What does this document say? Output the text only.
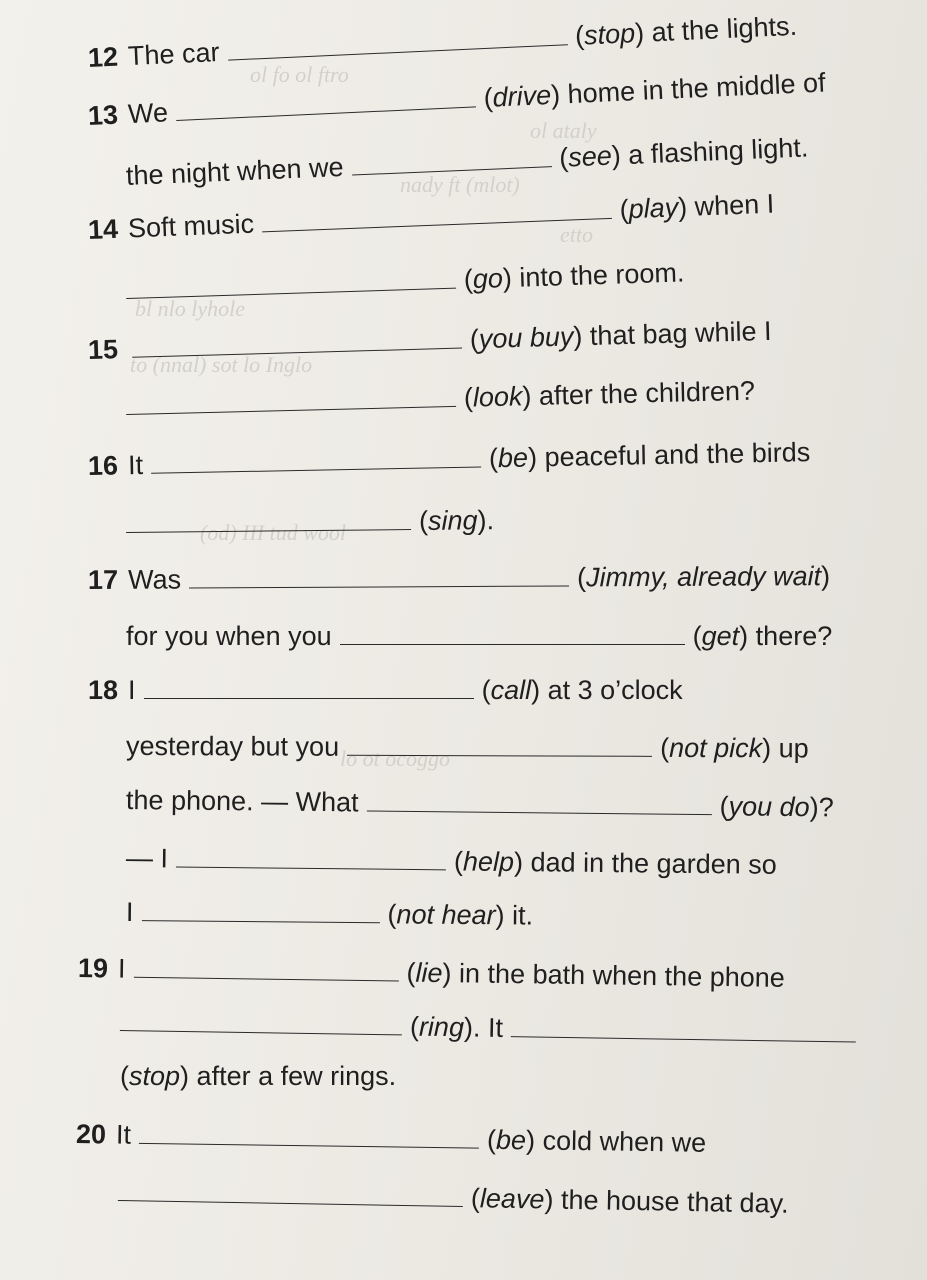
ol fo ol ftro
ol ataly
nady ft (mlot)
etto
bl nlo lyhole
to (nnal) sot lo Inglo
(od) III tud wool
lo ot ocoggo
12 The car(stop) at the lights.
13 We	(drive) home in the middle of
the night when we	(see) a flashing light.
14 Soft music	(play) when I
(go) into the room.
15	(you buy) that bag while I
(look) after the children?
16 It	(be) peaceful and the birds
(sing).
17 Was	(Jimmy, already wait)
for you when you	(get) there?
18 I	(call) at 3 o’clock
yesterday but you	(not pick) up
the phone. — What	(you do)?
— I	(help) dad in the garden so
I	(not hear) it.
19 I	(lie) in the bath when the phone
(ring). It
(stop) after a few rings.
20 It	(be) cold when we
(leave) the house that day.
